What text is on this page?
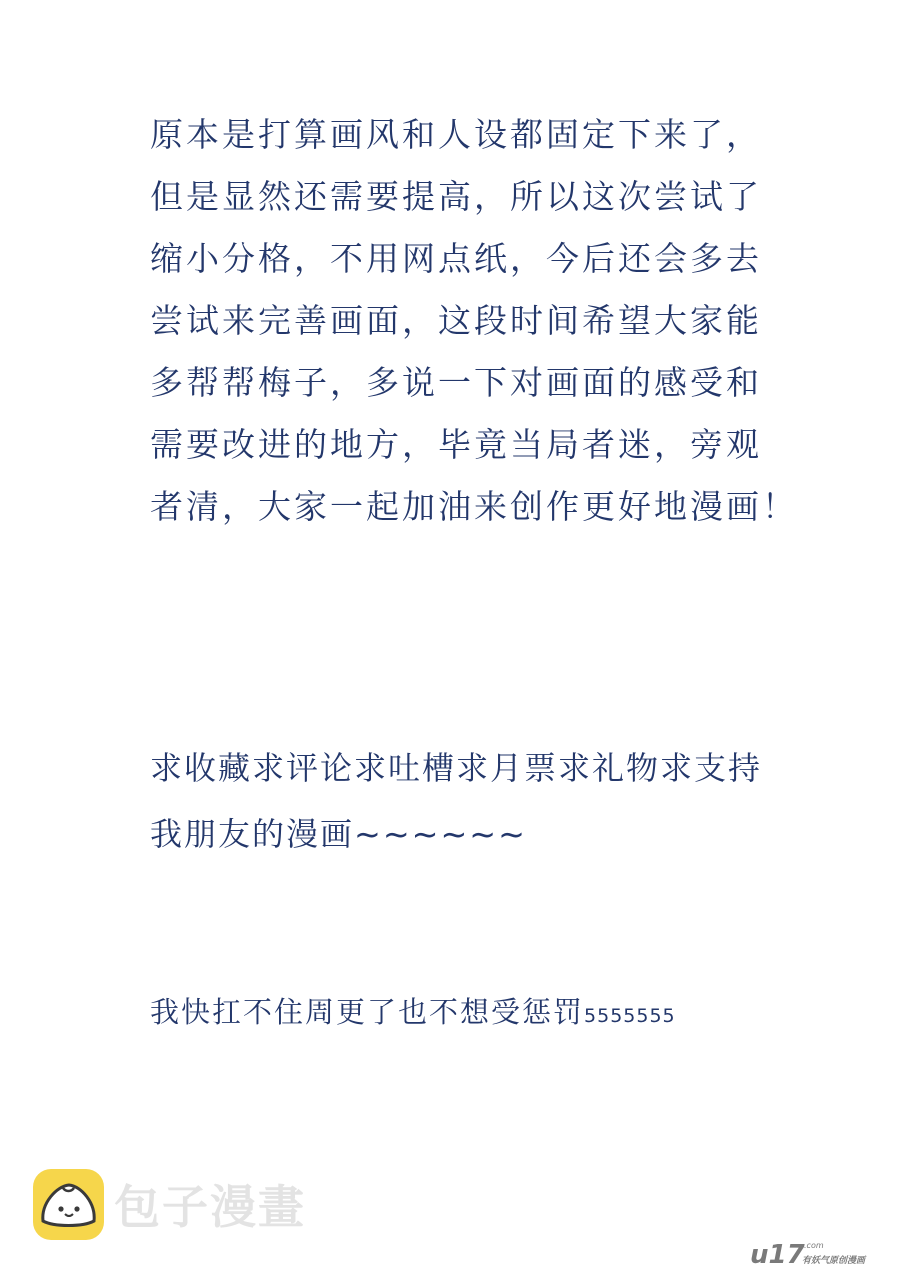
原本是打算画风和人设都固定下来了，
但是显然还需要提高，所以这次尝试了
缩小分格，不用网点纸，今后还会多去
尝试来完善画面，这段时间希望大家能
多帮帮梅子，多说一下对画面的感受和
需要改进的地方，毕竟当局者迷，旁观
者清，大家一起加油来创作更好地漫画！
求收藏求评论求吐槽求月票求礼物求支持
我朋友的漫画~~~~~~
我快扛不住周更了也不想受惩罚5555555
包子漫畫
u17 .com
有妖气原创漫画
